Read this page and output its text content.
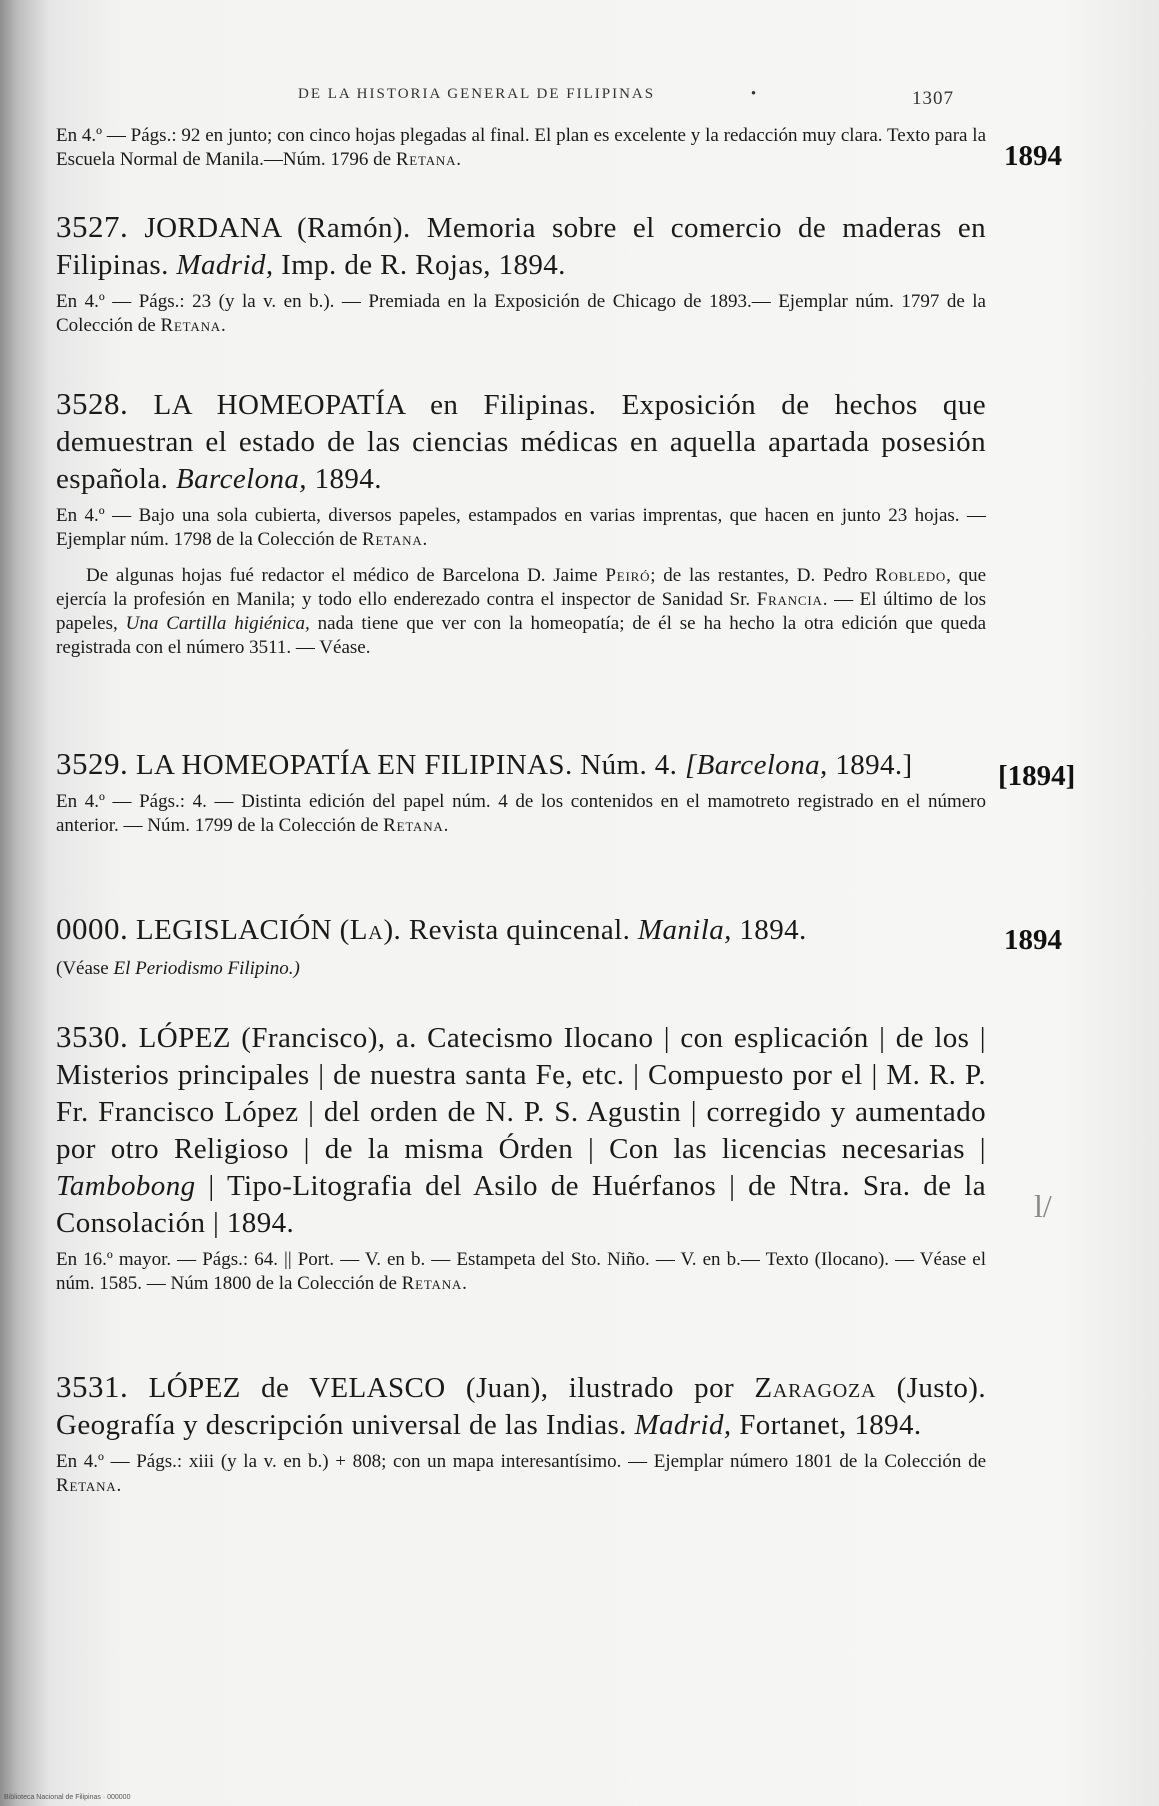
DE LA HISTORIA GENERAL DE FILIPINAS	•	1307
En 4.º — Págs.: 92 en junto; con cinco hojas plegadas al final. El plan es excelente y la redacción muy clara. Texto para la Escuela Normal de Manila.—Núm. 1796 de Retana.	1894
3527. JORDANA (Ramón). Memoria sobre el comercio de maderas en Filipinas. Madrid, Imp. de R. Rojas, 1894.
En 4.º — Págs.: 23 (y la v. en b.). — Premiada en la Exposición de Chicago de 1893.— Ejemplar núm. 1797 de la Colección de Retana.
3528. LA HOMEOPATÍA en Filipinas. Exposición de hechos que demuestran el estado de las ciencias médicas en aquella apartada posesión española. Barcelona, 1894.
En 4.º — Bajo una sola cubierta, diversos papeles, estampados en varias imprentas, que hacen en junto 23 hojas. — Ejemplar núm. 1798 de la Colección de Retana.
De algunas hojas fué redactor el médico de Barcelona D. Jaime Peiró; de las restantes, D. Pedro Robledo, que ejercía la profesión en Manila; y todo ello enderezado contra el inspector de Sanidad Sr. Francia. — El último de los papeles, Una Cartilla higiénica, nada tiene que ver con la homeopatía; de él se ha hecho la otra edición que queda registrada con el número 3511. — Véase.
3529. LA HOMEOPATÍA EN FILIPINAS. Núm. 4. [Barcelona, 1894.]
En 4.º — Págs.: 4. — Distinta edición del papel núm. 4 de los contenidos en el mamotreto registrado en el número anterior. — Núm. 1799 de la Colección de Retana.
[1894]
0000. LEGISLACIÓN (La). Revista quincenal. Manila, 1894.
(Véase El Periodismo Filipino.)
1894
3530. LÓPEZ (Francisco), a. Catecismo Ilocano | con esplicación | de los | Misterios principales | de nuestra santa Fe, etc. | Compuesto por el | M. R. P. Fr. Francisco López | del orden de N. P. S. Agustin | corregido y aumentado por otro Religioso | de la misma Órden | Con las licencias necesarias | Tambobong | Tipo-Litografia del Asilo de Huérfanos | de Ntra. Sra. de la Consolación | 1894.
En 16.º mayor. — Págs.: 64. || Port. — V. en b. — Estampeta del Sto. Niño. — V. en b.— Texto (Ilocano). — Véase el núm. 1585. — Núm 1800 de la Colección de Retana.
l/
3531. LÓPEZ de VELASCO (Juan), ilustrado por Zaragoza (Justo). Geografía y descripción universal de las Indias. Madrid, Fortanet, 1894.
En 4.º — Págs.: xiii (y la v. en b.) + 808; con un mapa interesantísimo. — Ejemplar número 1801 de la Colección de Retana.
Biblioteca Nacional de Filipinas · 000000
